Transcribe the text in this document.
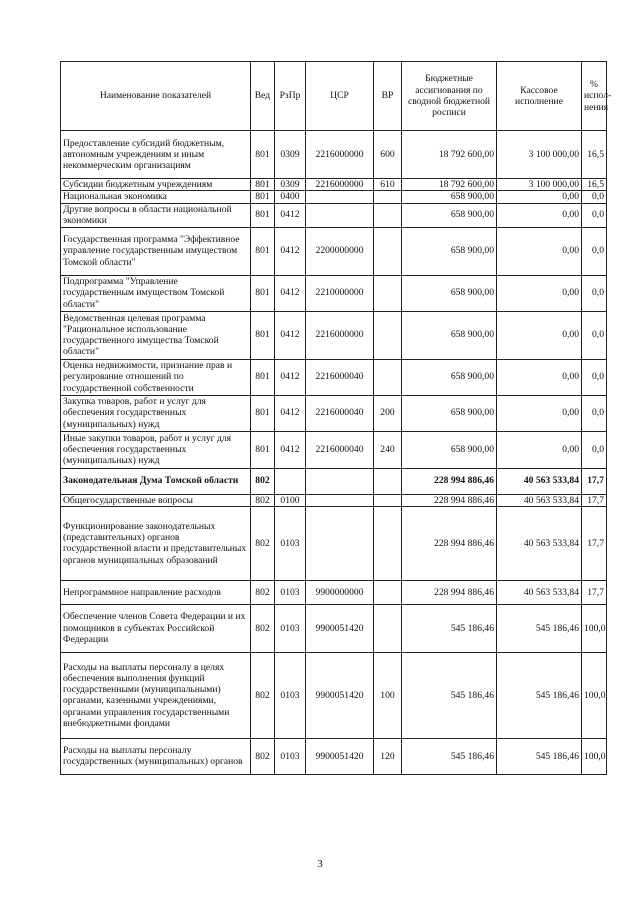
Наименование показателей	Вед	РзПр	ЦСР	ВР	Бюджетные ассигнования по сводной бюджетной росписи	Кассовое исполнение	% испол-нения
Предоставление субсидий бюджетным, автономным учреждениям и иным некоммерческим организациям	801	0309	2216000000	600	18 792 600,00	3 100 000,00	16,5
Субсидии бюджетным учреждениям	801	0309	2216000000	610	18 792 600,00	3 100 000,00	16,5
Национальная экономика	801	0400			658 900,00	0,00	0,0
Другие вопросы в области национальной экономики	801	0412			658 900,00	0,00	0,0
Государственная программа "Эффективное управление государственным имуществом Томской области"	801	0412	2200000000		658 900,00	0,00	0,0
Подпрограмма "Управление государственным имуществом Томской области"	801	0412	2210000000		658 900,00	0,00	0,0
Ведомственная целевая программа "Рациональное использование государственного имущества Томской области"	801	0412	2216000000		658 900,00	0,00	0,0
Оценка недвижимости, признание прав и регулирование отношений по государственной собственности	801	0412	2216000040		658 900,00	0,00	0,0
Закупка товаров, работ и услуг для обеспечения государственных (муниципальных) нужд	801	0412	2216000040	200	658 900,00	0,00	0,0
Иные закупки товаров, работ и услуг для обеспечения государственных (муниципальных) нужд	801	0412	2216000040	240	658 900,00	0,00	0,0
Законодательная Дума Томской области	802				228 994 886,46	40 563 533,84	17,7
Общегосударственные вопросы	802	0100			228 994 886,46	40 563 533,84	17,7
Функционирование законодательных (представительных) органов государственной власти и представительных органов муниципальных образований	802	0103			228 994 886,46	40 563 533,84	17,7
Непрограммное направление расходов	802	0103	9900000000		228 994 886,46	40 563 533,84	17,7
Обеспечение членов Совета Федерации и их помощников в субъектах Российской Федерации	802	0103	9900051420		545 186,46	545 186,46	100,0
Расходы на выплаты персоналу в целях обеспечения выполнения функций государственными (муниципальными) органами, казенными учреждениями, органами управления государственными внебюджетными фондами	802	0103	9900051420	100	545 186,46	545 186,46	100,0
Расходы на выплаты персоналу государственных (муниципальных) органов	802	0103	9900051420	120	545 186,46	545 186,46	100,0
3
